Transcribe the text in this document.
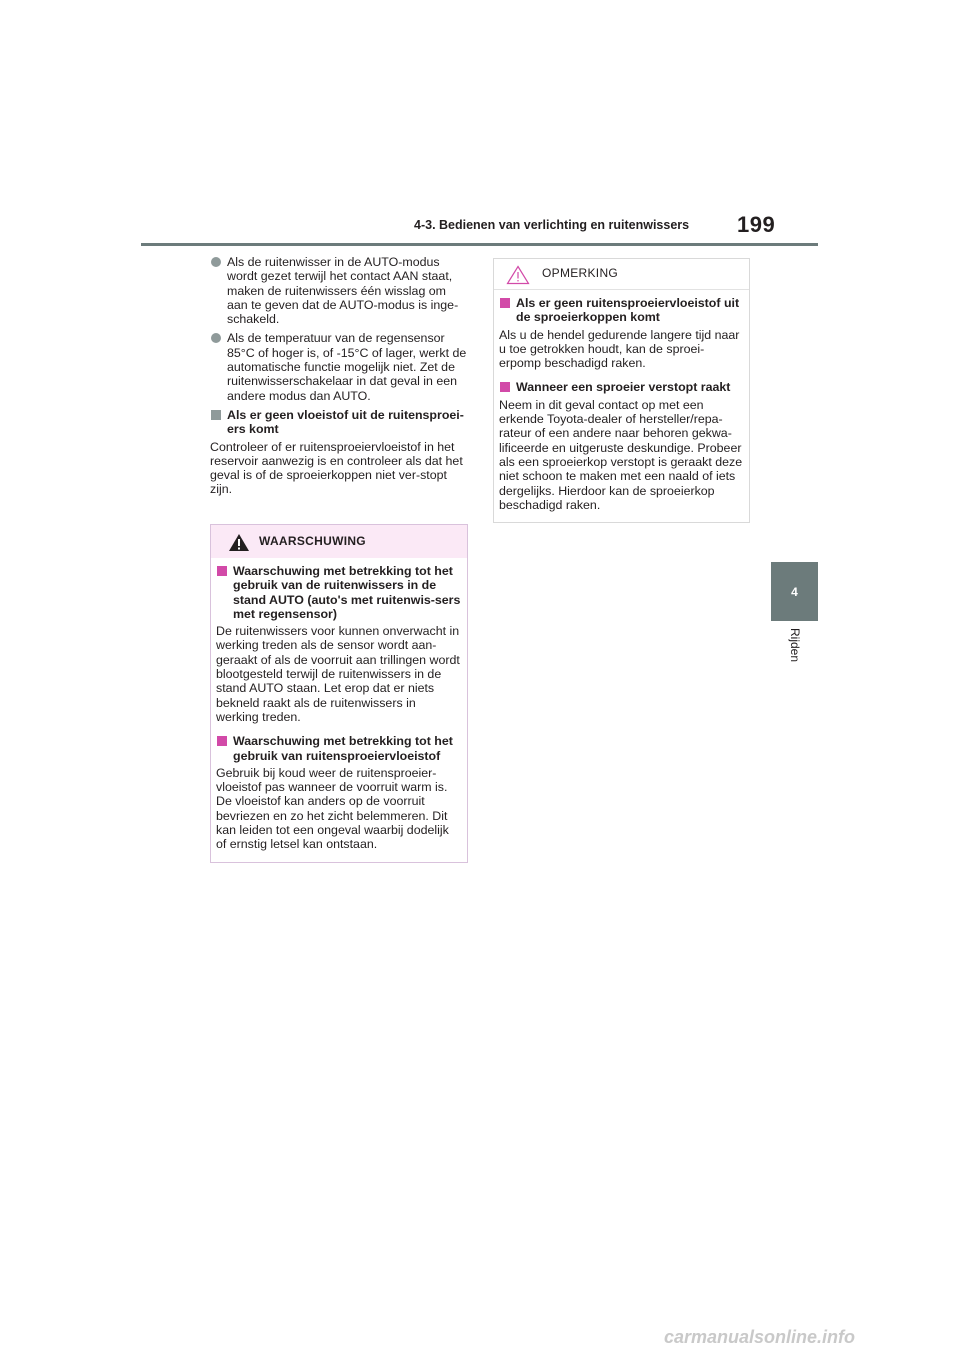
4-3. Bedienen van verlichting en ruitenwissers 199
4
Rijden
Als de ruitenwisser in de AUTO-modus wordt gezet terwijl het contact AAN staat, maken de ruitenwissers één wisslag om aan te geven dat de AUTO-modus is inge-schakeld.
Als de temperatuur van de regensensor 85°C of hoger is, of -15°C of lager, werkt de automatische functie mogelijk niet. Zet de ruitenwisserschakelaar in dat geval in een andere modus dan AUTO.
Als er geen vloeistof uit de ruitensproei-ers komt
Controleer of er ruitensproeiervloeistof in het reservoir aanwezig is en controleer als dat het geval is of de sproeierkoppen niet ver-stopt zijn.
WAARSCHUWING
Waarschuwing met betrekking tot het gebruik van de ruitenwissers in de stand AUTO (auto's met ruitenwis-sers met regensensor)
De ruitenwissers voor kunnen onverwacht in werking treden als de sensor wordt aan-geraakt of als de voorruit aan trillingen wordt blootgesteld terwijl de ruitenwissers in de stand AUTO staan. Let erop dat er niets bekneld raakt als de ruitenwissers in werking treden.
Waarschuwing met betrekking tot het gebruik van ruitensproeiervloeistof
Gebruik bij koud weer de ruitensproeier-vloeistof pas wanneer de voorruit warm is. De vloeistof kan anders op de voorruit bevriezen en zo het zicht belemmeren. Dit kan leiden tot een ongeval waarbij dodelijk of ernstig letsel kan ontstaan.
OPMERKING
Als er geen ruitensproeiervloeistof uit de sproeierkoppen komt
Als u de hendel gedurende langere tijd naar u toe getrokken houdt, kan de sproei-erpomp beschadigd raken.
Wanneer een sproeier verstopt raakt
Neem in dit geval contact op met een erkende Toyota-dealer of hersteller/repa-rateur of een andere naar behoren gekwa-lificeerde en uitgeruste deskundige. Probeer als een sproeierkop verstopt is geraakt deze niet schoon te maken met een naald of iets dergelijks. Hierdoor kan de sproeierkop beschadigd raken.
carmanualsonline.info
